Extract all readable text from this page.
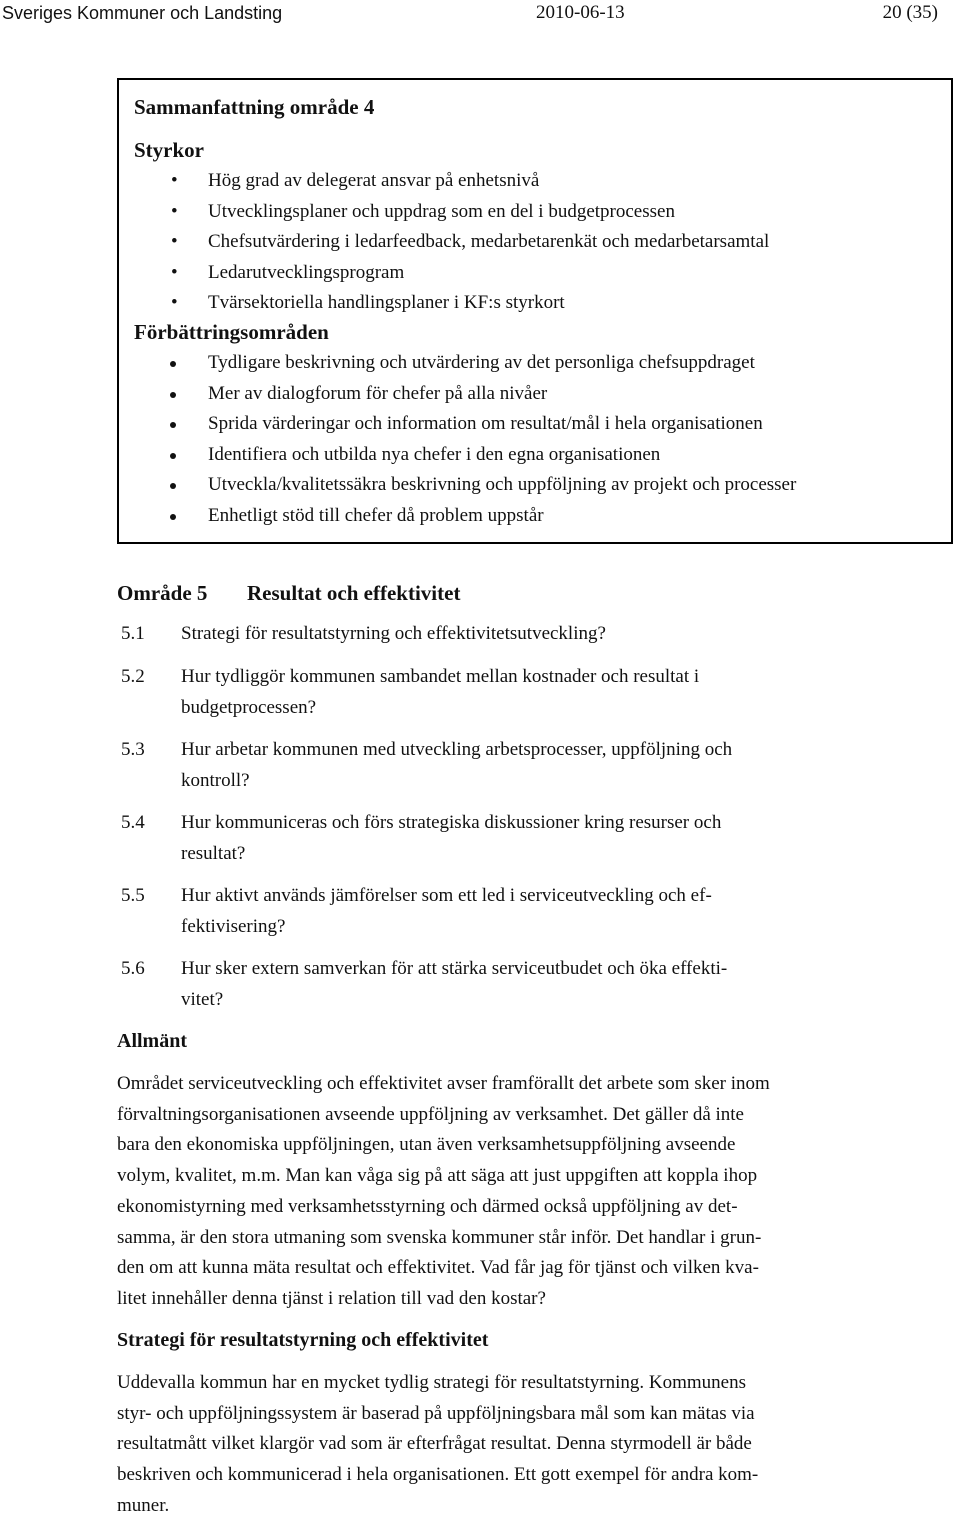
Sveriges Kommuner och Landsting	2010-06-13	20 (35)
Sammanfattning område 4
Styrkor
• Hög grad av delegerat ansvar på enhetsnivå
• Utvecklingsplaner och uppdrag som en del i budgetprocessen
• Chefsutvärdering i ledarfeedback, medarbetarenkät och medarbetarsamtal
• Ledarutvecklingsprogram
• Tvärsektoriella handlingsplaner i KF:s styrkort
Förbättringsområden
Tydligare beskrivning och utvärdering av det personliga chefsuppdraget
Mer av dialogforum för chefer på alla nivåer
Sprida värderingar och information om resultat/mål i hela organisationen
Identifiera och utbilda nya chefer i den egna organisationen
Utveckla/kvalitetssäkra beskrivning och uppföljning av projekt och processer
Enhetligt stöd till chefer då problem uppstår
Område 5 Resultat och effektivitet
5.1 Strategi för resultatstyrning och effektivitetsutveckling?
5.2 Hur tydliggör kommunen sambandet mellan kostnader och resultat i
budgetprocessen?
5.3 Hur arbetar kommunen med utveckling arbetsprocesser, uppföljning och
kontroll?
5.4 Hur kommuniceras och förs strategiska diskussioner kring resurser och
resultat?
5.5 Hur aktivt används jämförelser som ett led i serviceutveckling och ef-
fektivisering?
5.6 Hur sker extern samverkan för att stärka serviceutbudet och öka effekti-
vitet?
Allmänt
Området serviceutveckling och effektivitet avser framförallt det arbete som sker inom
förvaltningsorganisationen avseende uppföljning av verksamhet. Det gäller då inte
bara den ekonomiska uppföljningen, utan även verksamhetsuppföljning avseende
volym, kvalitet, m.m. Man kan våga sig på att säga att just uppgiften att koppla ihop
ekonomistyrning med verksamhetsstyrning och därmed också uppföljning av det-
samma, är den stora utmaning som svenska kommuner står inför. Det handlar i grun-
den om att kunna mäta resultat och effektivitet. Vad får jag för tjänst och vilken kva-
litet innehåller denna tjänst i relation till vad den kostar?
Strategi för resultatstyrning och effektivitet
Uddevalla kommun har en mycket tydlig strategi för resultatstyrning. Kommunens
styr- och uppföljningssystem är baserad på uppföljningsbara mål som kan mätas via
resultatmått vilket klargör vad som är efterfrågat resultat. Denna styrmodell är både
beskriven och kommunicerad i hela organisationen. Ett gott exempel för andra kom-
muner.
